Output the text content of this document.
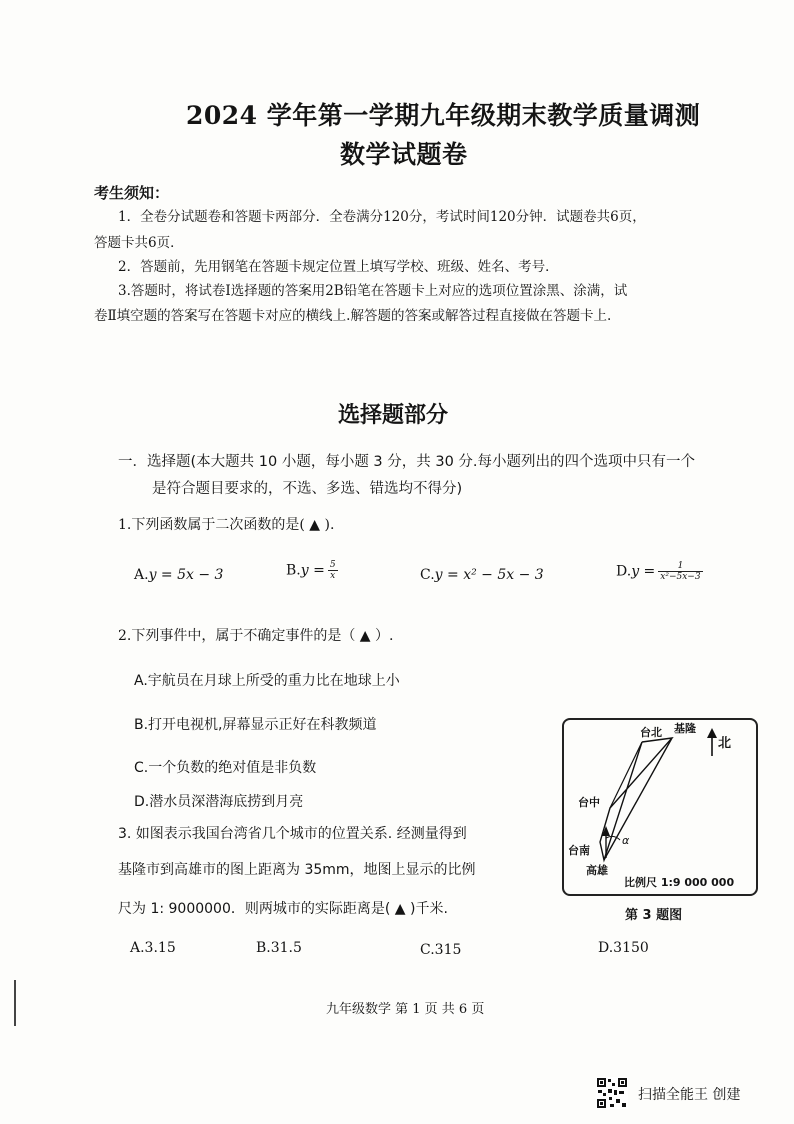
2024 学年第一学期九年级期末教学质量调测
数学试题卷
考生须知：
1．全卷分试题卷和答题卡两部分．全卷满分120分，考试时间120分钟．试题卷共6页，
答题卡共6页．
2．答题前，先用钢笔在答题卡规定位置上填写学校、班级、姓名、考号．
3.答题时，将试卷Ⅰ选择题的答案用2B铅笔在答题卡上对应的选项位置涂黑、涂满，试
卷Ⅱ填空题的答案写在答题卡对应的横线上.解答题的答案或解答过程直接做在答题卡上.
选择题部分
一．选择题(本大题共 10 小题，每小题 3 分，共 30 分.每小题列出的四个选项中只有一个
是符合题目要求的，不选、多选、错选均不得分)
1.下列函数属于二次函数的是( ▲ ).
A.y = 5x − 3	$B.y = \frac{5}{x}$	C.y = x² − 5x − 3	$D.y = \frac{1}{\text{x²−5x−3}}$
2.下列事件中，属于不确定事件的是（ ▲ ）.
A.宇航员在月球上所受的重力比在地球上小
B.打开电视机,屏幕显示正好在科教频道
C.一个负数的绝对值是非负数
D.潜水员深潜海底捞到月亮
3. 如图表示我国台湾省几个城市的位置关系. 经测量得到
基隆市到高雄市的图上距离为 35mm，地图上显示的比例
尺为 1: 9000000．则两城市的实际距离是( ▲ )千米.
A.3.15	B.31.5	C.315	D.3150
台北 基隆
北
台中
台南
α
高雄
比例尺 1:9 000 000
第 3 题图
九年级数学 第 1 页 共 6 页
扫描全能王 创建
